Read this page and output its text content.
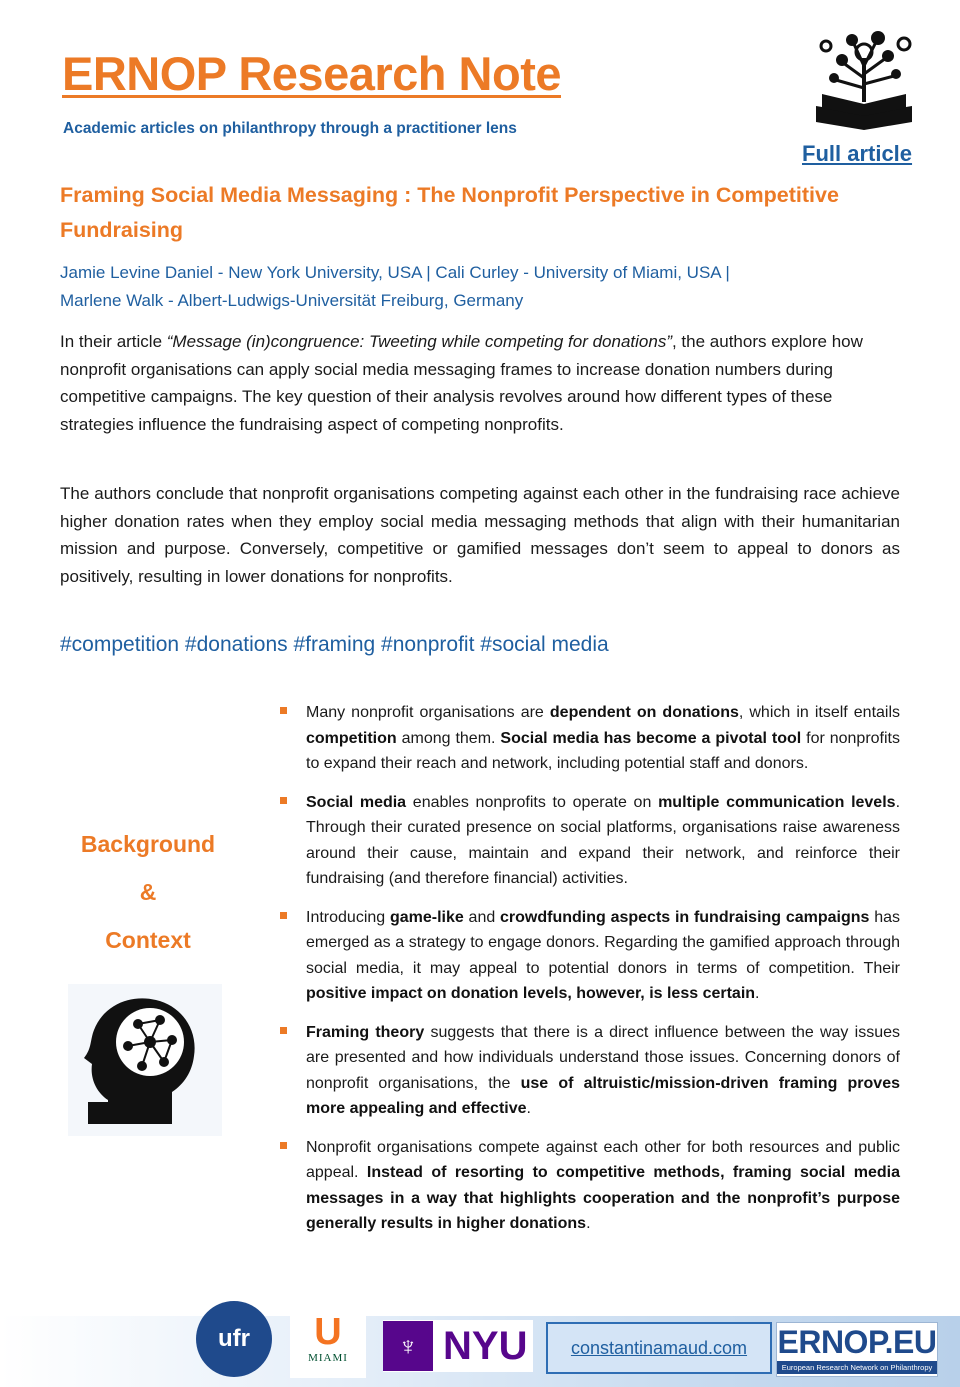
ERNOP Research Note
Academic articles on philanthropy through a practitioner lens
Full article
Framing Social Media Messaging : The Nonprofit Perspective in Competitive Fundraising
Jamie Levine Daniel - New York University, USA | Cali Curley - University of Miami, USA |
Marlene Walk - Albert-Ludwigs-Universität Freiburg, Germany

In their article “Message (in)congruence: Tweeting while competing for donations”, the authors explore how nonprofit organisations can apply social media messaging frames to increase donation numbers during competitive campaigns. The key question of their analysis revolves around how different types of these strategies influence the fundraising aspect of competing nonprofits.

The authors conclude that nonprofit organisations competing against each other in the fundraising race achieve higher donation rates when they employ social media messaging methods that align with their humanitarian mission and purpose. Conversely, competitive or gamified messages don’t seem to appeal to donors as positively, resulting in lower donations for nonprofits.

#competition #donations #framing #nonprofit #social media
Background
&
Context
Many nonprofit organisations are dependent on donations, which in itself entails competition among them. Social media has become a pivotal tool for nonprofits to expand their reach and network, including potential staff and donors.
Social media enables nonprofits to operate on multiple communication levels. Through their curated presence on social platforms, organisations raise awareness around their cause, maintain and expand their network, and reinforce their fundraising (and therefore financial) activities.
Introducing game-like and crowdfunding aspects in fundraising campaigns has emerged as a strategy to engage donors. Regarding the gamified approach through social media, it may appeal to potential donors in terms of competition. Their positive impact on donation levels, however, is less certain.
Framing theory suggests that there is a direct influence between the way issues are presented and how individuals understand those issues. Concerning donors of nonprofit organisations, the use of altruistic/mission-driven framing proves more appealing and effective.
Nonprofit organisations compete against each other for both resources and public appeal. Instead of resorting to competitive methods, framing social media messages in a way that highlights cooperation and the nonprofit’s purpose generally results in higher donations.
ufr	U
MIAMI	♆ NYU	constantinamaud.com ERNOP.EU
European Research Network on Philanthropy
